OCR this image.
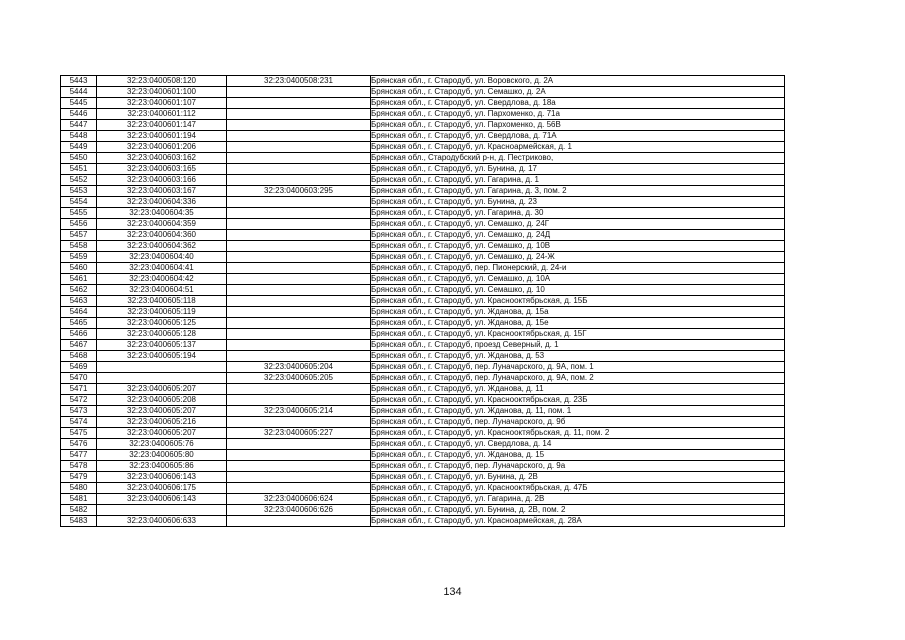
5443	32:23:0400508:120	32:23:0400508:231	Брянская обл., г. Стародуб, ул. Воровского, д. 2А
5444	32:23:0400601:100		Брянская обл., г. Стародуб, ул. Семашко, д. 2А
5445	32:23:0400601:107		Брянская обл., г. Стародуб, ул. Свердлова, д. 18а
5446	32:23:0400601:112		Брянская обл., г. Стародуб, ул. Пархоменко, д. 71а
5447	32:23:0400601:147		Брянская обл., г. Стародуб, ул. Пархоменко, д. 56В
5448	32:23:0400601:194		Брянская обл., г. Стародуб, ул. Свердлова, д. 71А
5449	32:23:0400601:206		Брянская обл., г. Стародуб, ул. Красноармейская, д. 1
5450	32:23:0400603:162		Брянская обл., Стародубский р-н, д. Пестриково,
5451	32:23:0400603:165		Брянская обл., г. Стародуб, ул. Бунина, д. 17
5452	32:23:0400603:166		Брянская обл., г. Стародуб, ул. Гагарина, д. 1
5453	32:23:0400603:167	32:23:0400603:295	Брянская обл., г. Стародуб, ул. Гагарина, д. 3, пом. 2
5454	32:23:0400604:336		Брянская обл., г. Стародуб, ул. Бунина, д. 23
5455	32:23:0400604:35		Брянская обл., г. Стародуб, ул. Гагарина, д. 30
5456	32:23:0400604:359		Брянская обл., г. Стародуб, ул. Семашко, д. 24Г
5457	32:23:0400604:360		Брянская обл., г. Стародуб, ул. Семашко, д. 24Д
5458	32:23:0400604:362		Брянская обл., г. Стародуб, ул. Семашко, д. 10В
5459	32:23:0400604:40		Брянская обл., г. Стародуб, ул. Семашко, д. 24-Ж
5460	32:23:0400604:41		Брянская обл., г. Стародуб, пер. Пионерский, д. 24-и
5461	32:23:0400604:42		Брянская обл., г. Стародуб, ул. Семашко, д. 10А
5462	32:23:0400604:51		Брянская обл., г. Стародуб, ул. Семашко, д. 10
5463	32:23:0400605:118		Брянская обл., г. Стародуб, ул. Краснооктябрьская, д. 15Б
5464	32:23:0400605:119		Брянская обл., г. Стародуб, ул. Жданова, д. 15а
5465	32:23:0400605:125		Брянская обл., г. Стародуб, ул. Жданова, д. 15е
5466	32:23:0400605:128		Брянская обл., г. Стародуб, ул. Краснооктябрьская, д. 15Г
5467	32:23:0400605:137		Брянская обл., г. Стародуб, проезд Северный, д. 1
5468	32:23:0400605:194		Брянская обл., г. Стародуб, ул. Жданова, д. 53
5469		32:23:0400605:204	Брянская обл., г. Стародуб, пер. Луначарского, д. 9А, пом. 1
5470		32:23:0400605:205	Брянская обл., г. Стародуб, пер. Луначарского, д. 9А, пом. 2
5471	32:23:0400605:207		Брянская обл., г. Стародуб, ул. Жданова, д. 11
5472	32:23:0400605:208		Брянская обл., г. Стародуб, ул. Краснооктябрьская, д. 23Б
5473	32:23:0400605:207	32:23:0400605:214	Брянская обл., г. Стародуб, ул. Жданова, д. 11, пом. 1
5474	32:23:0400605:216		Брянская обл., г. Стародуб, пер. Луначарского, д. 9б
5475	32:23:0400605:207	32:23:0400605:227	Брянская обл., г. Стародуб, ул. Краснооктябрьская, д. 11, пом. 2
5476	32:23:0400605:76		Брянская обл., г. Стародуб, ул. Свердлова, д. 14
5477	32:23:0400605:80		Брянская обл., г. Стародуб, ул. Жданова, д. 15
5478	32:23:0400605:86		Брянская обл., г. Стародуб, пер. Луначарского, д. 9а
5479	32:23:0400606:143		Брянская обл., г. Стародуб, ул. Бунина, д. 2В
5480	32:23:0400606:175		Брянская обл., г. Стародуб, ул. Краснооктябрьская, д. 47Б
5481	32:23:0400606:143	32:23:0400606:624	Брянская обл., г. Стародуб, ул. Гагарина, д. 2В
5482		32:23:0400606:626	Брянская обл., г. Стародуб, ул. Бунина, д. 2В, пом. 2
5483	32:23:0400606:633		Брянская обл., г. Стародуб, ул. Красноармейская, д. 28А
134
